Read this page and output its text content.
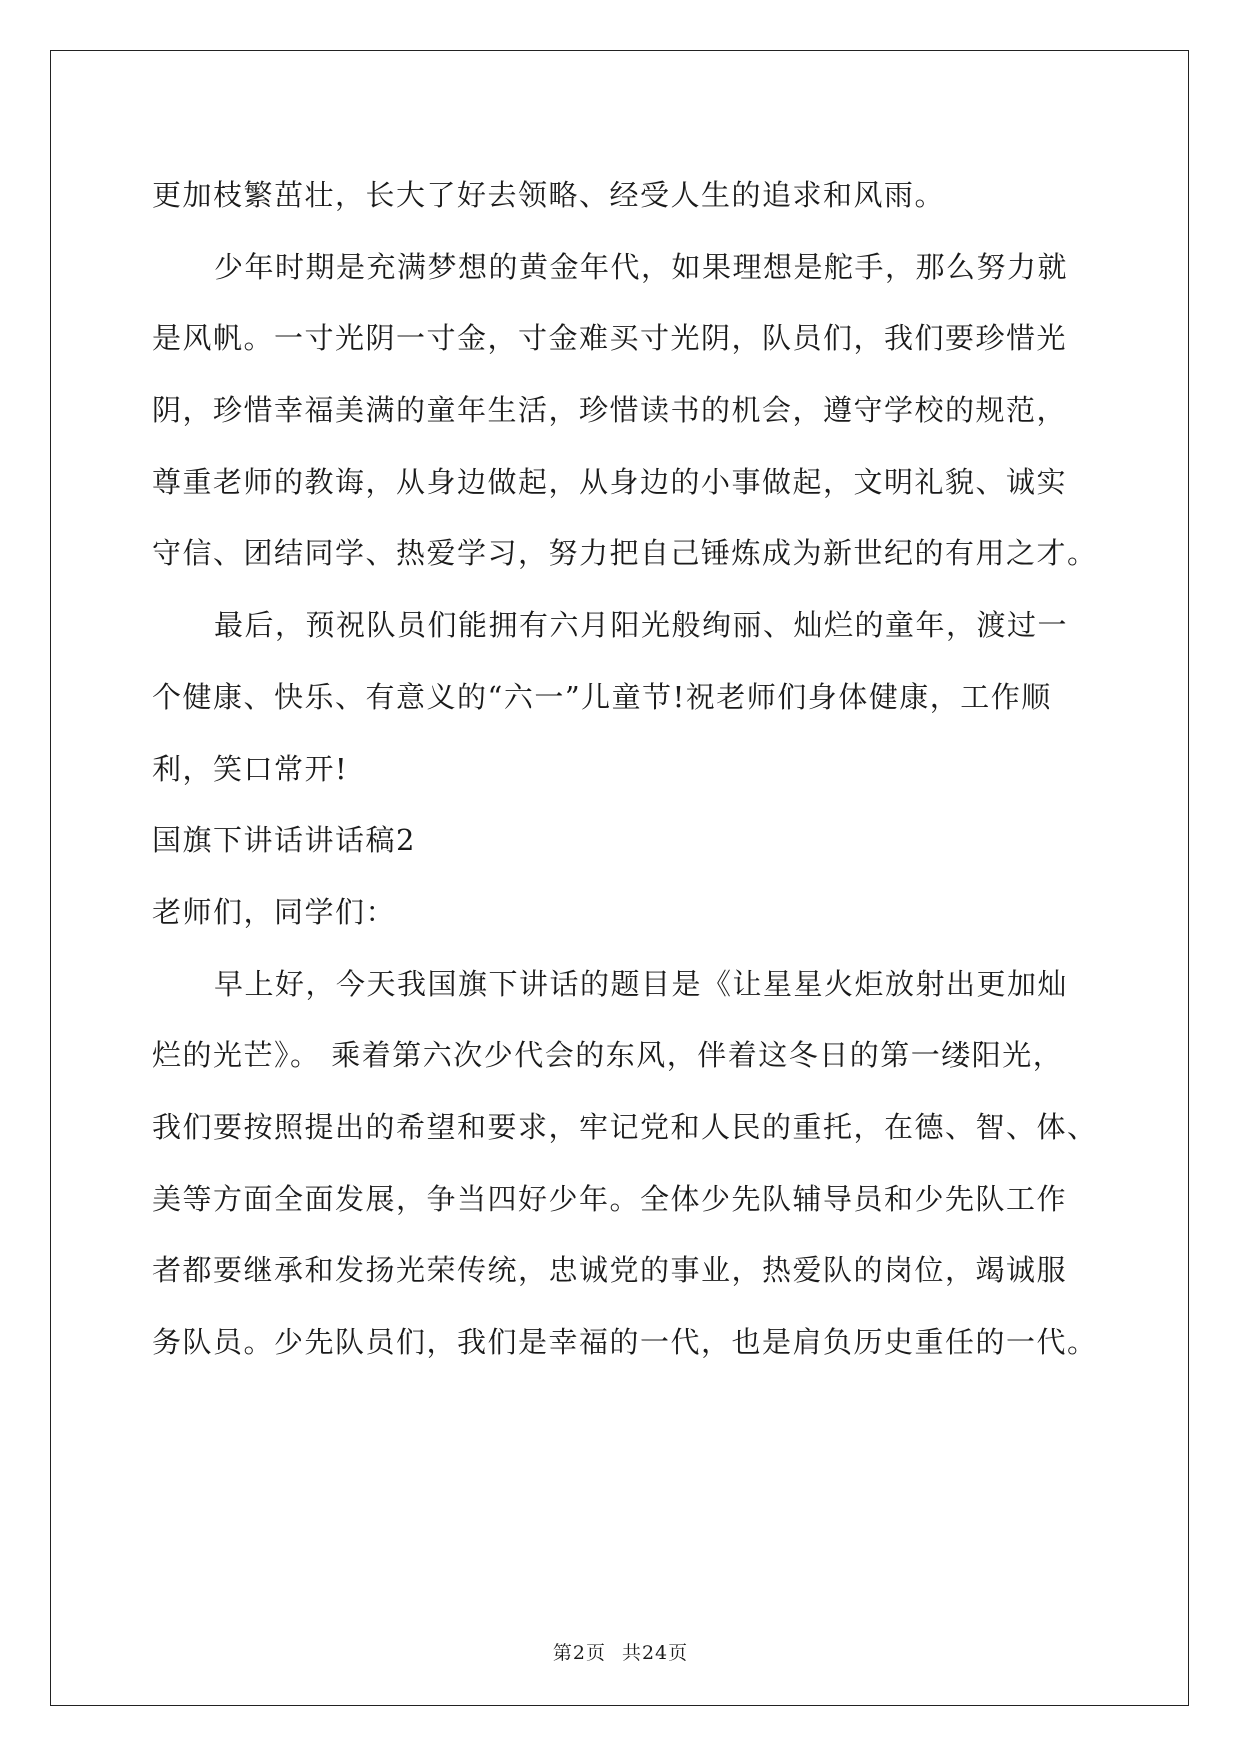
更加枝繁茁壮，长大了好去领略、经受人生的追求和风雨。
少年时期是充满梦想的黄金年代，如果理想是舵手，那么努力就
是风帆。一寸光阴一寸金，寸金难买寸光阴，队员们，我们要珍惜光
阴，珍惜幸福美满的童年生活，珍惜读书的机会，遵守学校的规范，
尊重老师的教诲，从身边做起，从身边的小事做起，文明礼貌、诚实
守信、团结同学、热爱学习，努力把自己锤炼成为新世纪的有用之才。
最后，预祝队员们能拥有六月阳光般绚丽、灿烂的童年，渡过一
个健康、快乐、有意义的“六一”儿童节!祝老师们身体健康，工作顺
利，笑口常开!
国旗下讲话讲话稿2
老师们，同学们：
早上好，今天我国旗下讲话的题目是《让星星火炬放射出更加灿
烂的光芒》。 乘着第六次少代会的东风，伴着这冬日的第一缕阳光，
我们要按照提出的希望和要求，牢记党和人民的重托，在德、智、体、
美等方面全面发展，争当四好少年。全体少先队辅导员和少先队工作
者都要继承和发扬光荣传统，忠诚党的事业，热爱队的岗位，竭诚服
务队员。少先队员们，我们是幸福的一代，也是肩负历史重任的一代。
第2页 共24页
